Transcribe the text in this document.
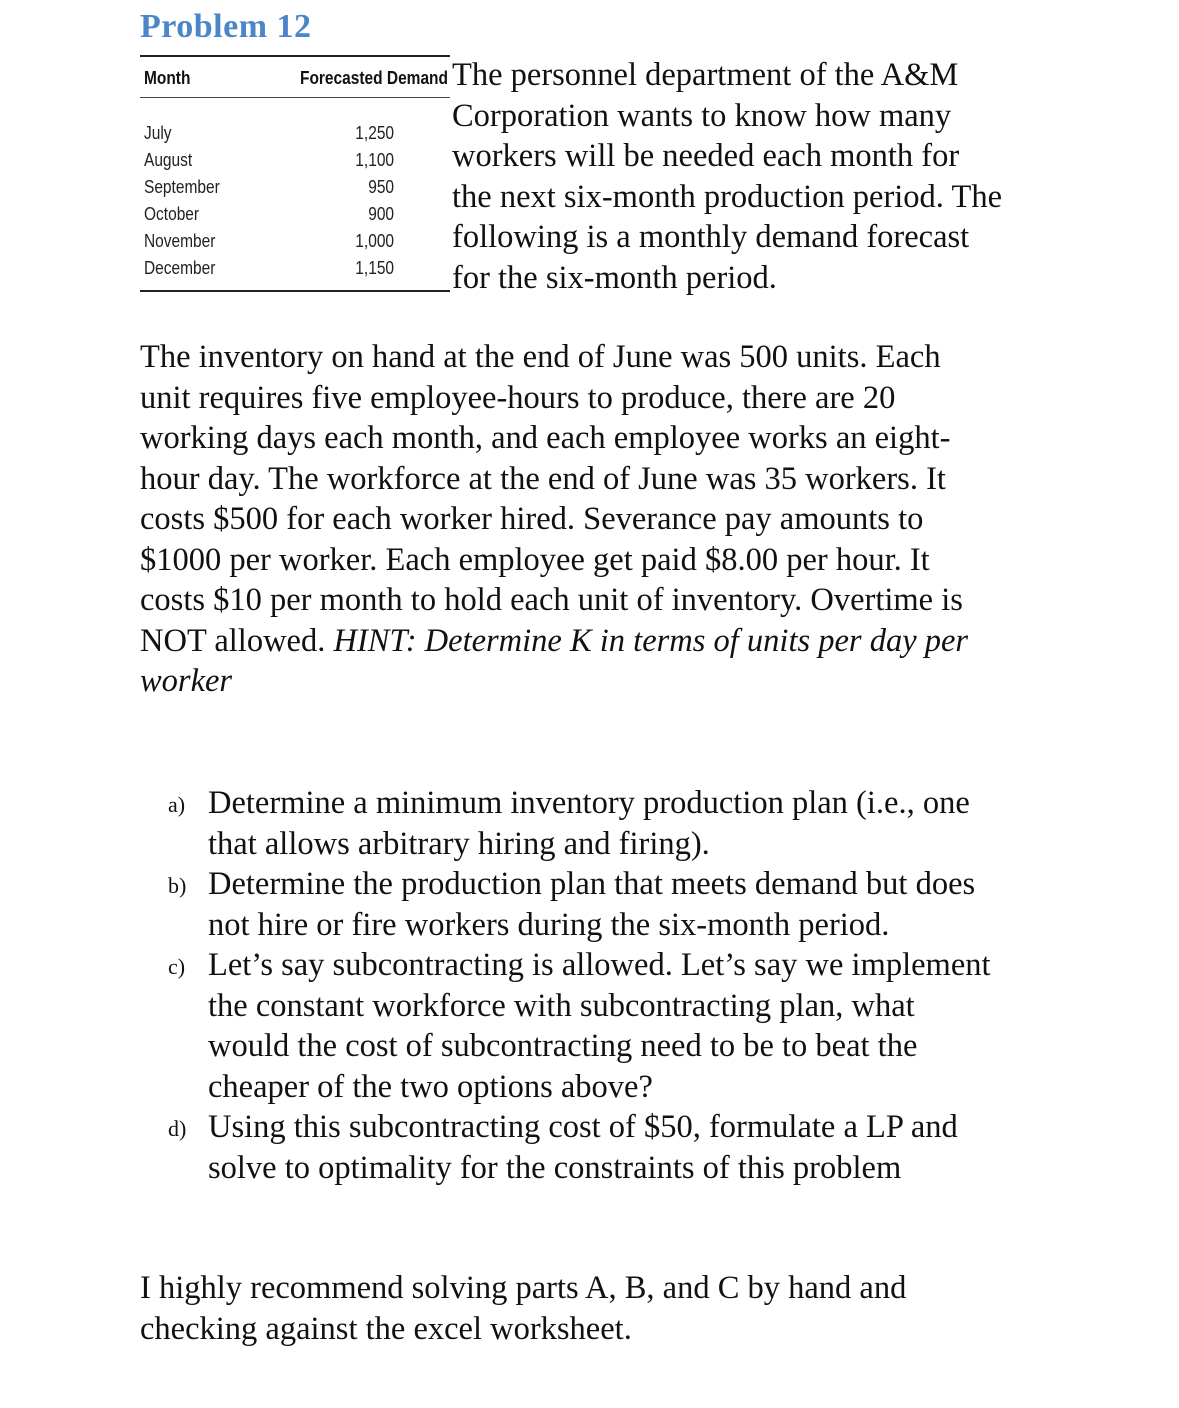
Problem 12
Month	Forecasted Demand
July	1,250
August	1,100
September	950
October	900
November	1,000
December	1,150

The personnel department of the A&M
Corporation wants to know how many
workers will be needed each month for
the next six-month production period. The
following is a monthly demand forecast
for the six-month period.

The inventory on hand at the end of June was 500 units. Each
unit requires five employee-hours to produce, there are 20
working days each month, and each employee works an eight-
hour day. The workforce at the end of June was 35 workers. It
costs $500 for each worker hired. Severance pay amounts to
$1000 per worker. Each employee get paid $8.00 per hour. It
costs $10 per month to hold each unit of inventory. Overtime is
NOT allowed. HINT: Determine K in terms of units per day per
worker

a) Determine a minimum inventory production plan (i.e., one
that allows arbitrary hiring and firing).
b) Determine the production plan that meets demand but does
not hire or fire workers during the six-month period.
c) Let’s say subcontracting is allowed. Let’s say we implement
the constant workforce with subcontracting plan, what
would the cost of subcontracting need to be to beat the
cheaper of the two options above?
d) Using this subcontracting cost of $50, formulate a LP and
solve to optimality for the constraints of this problem

I highly recommend solving parts A, B, and C by hand and
checking against the excel worksheet.
